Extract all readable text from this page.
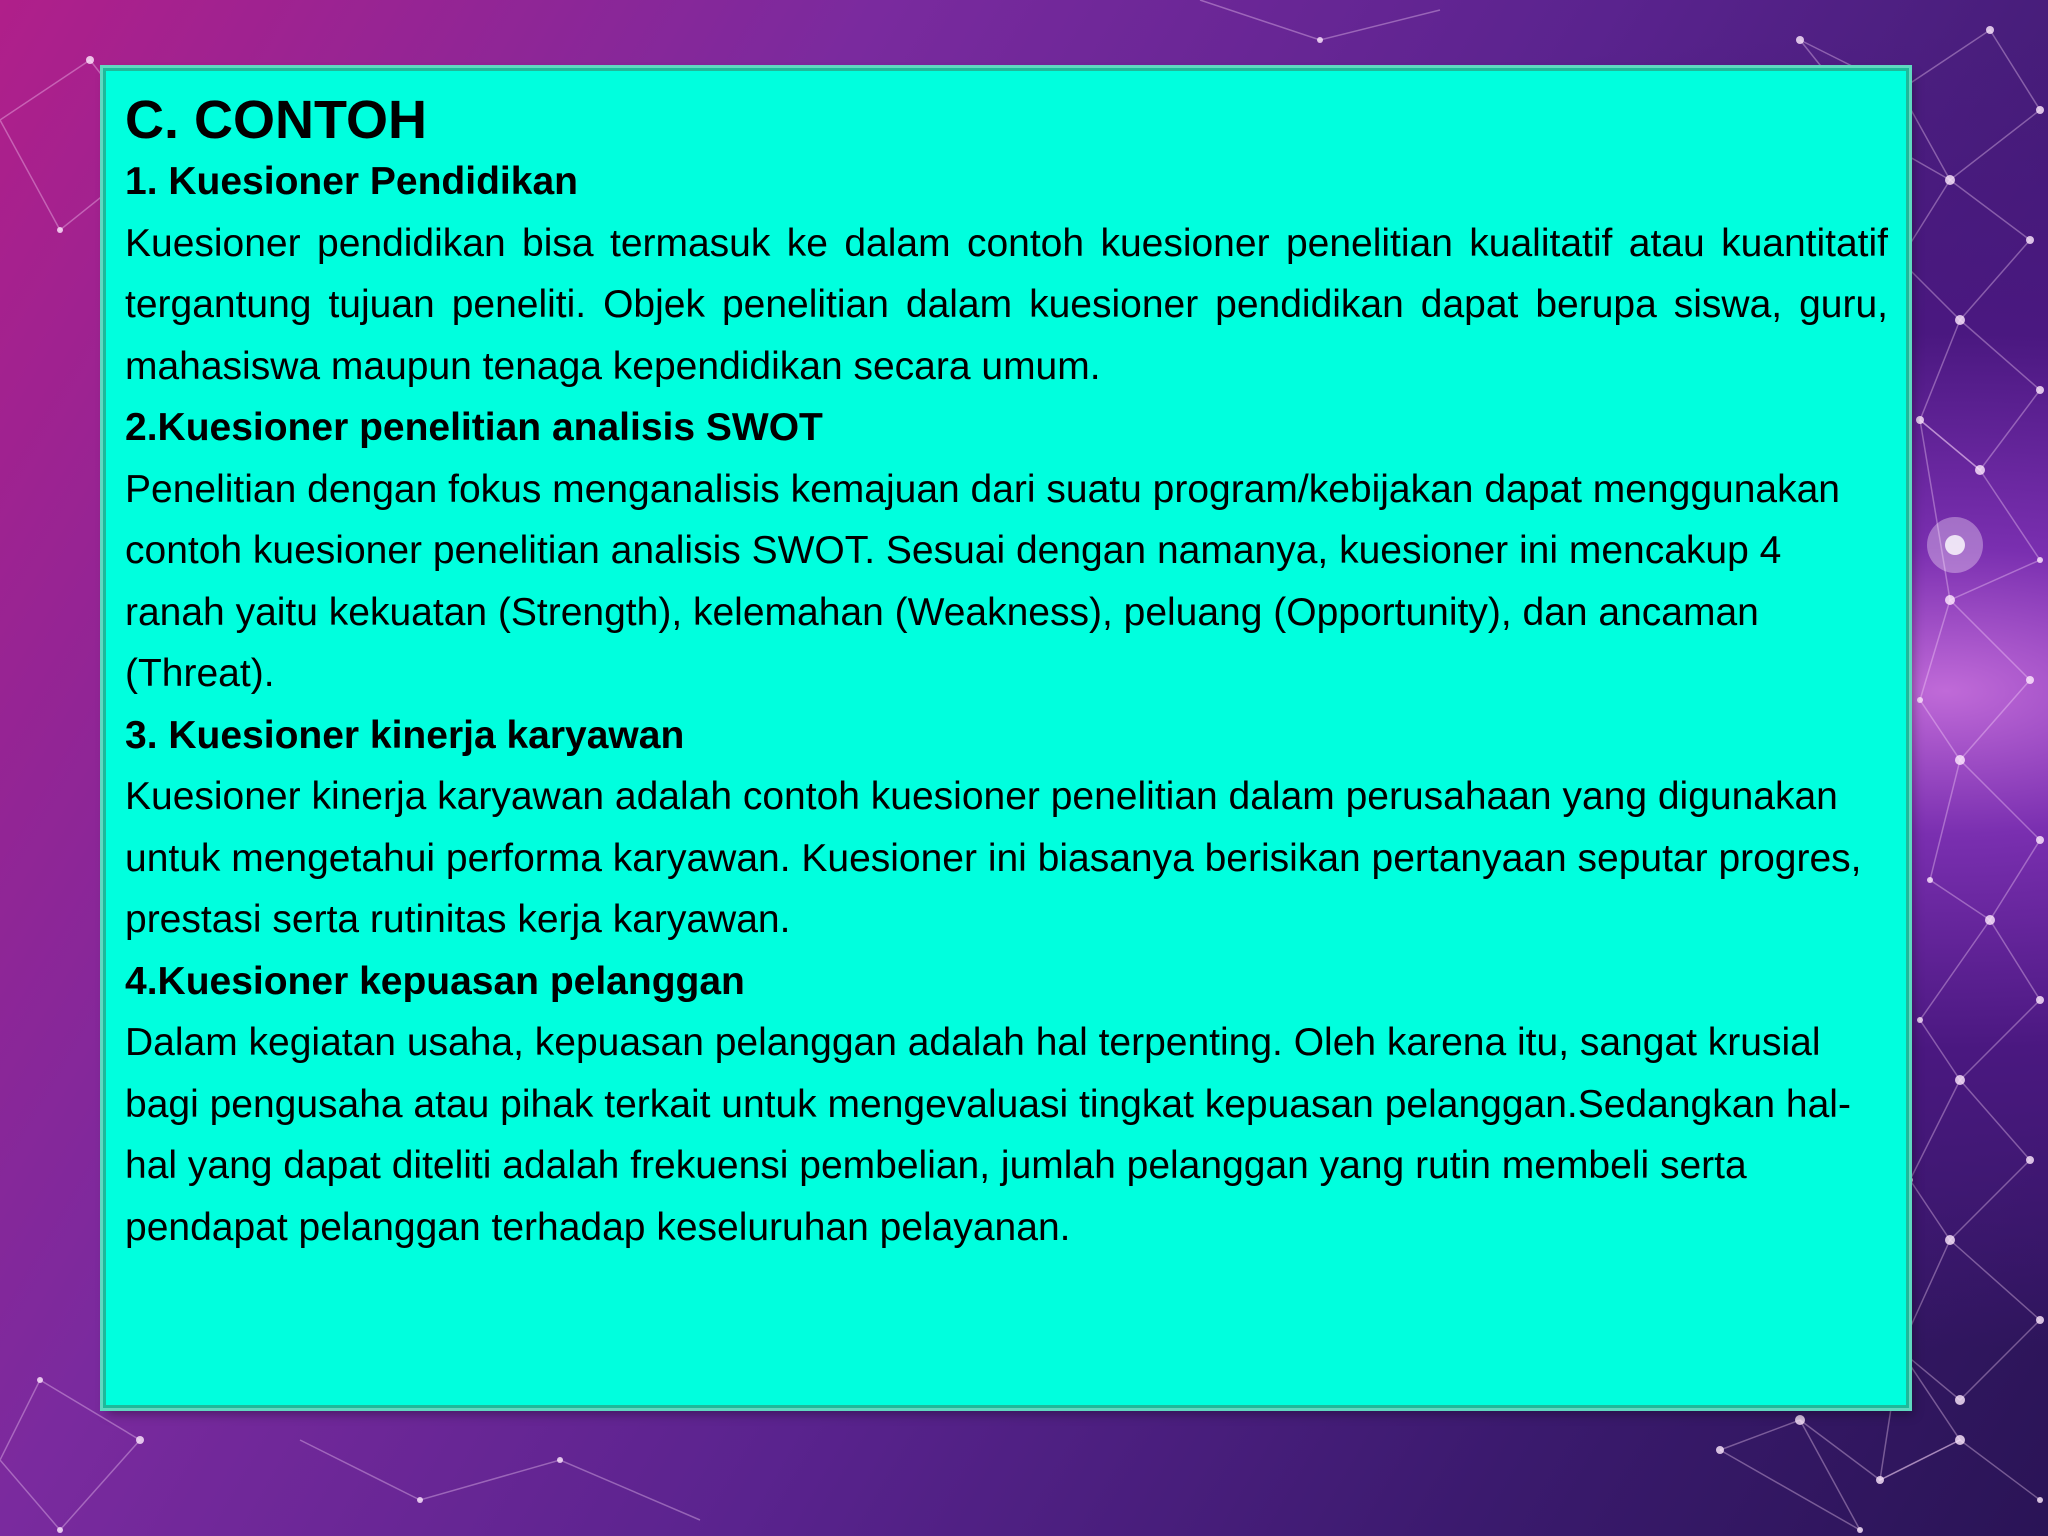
C. CONTOH

1. Kuesioner Pendidikan

Kuesioner pendidikan bisa termasuk ke dalam contoh kuesioner penelitian kualitatif atau kuantitatif tergantung tujuan peneliti. Objek penelitian dalam kuesioner pendidikan dapat berupa siswa, guru, mahasiswa maupun tenaga kependidikan secara umum.

2.Kuesioner penelitian analisis SWOT

Penelitian dengan fokus menganalisis kemajuan dari suatu program/kebijakan dapat menggunakan contoh kuesioner penelitian analisis SWOT. Sesuai dengan namanya, kuesioner ini mencakup 4 ranah yaitu kekuatan (Strength), kelemahan (Weakness), peluang (Opportunity), dan ancaman (Threat).

3. Kuesioner kinerja karyawan

Kuesioner kinerja karyawan adalah contoh kuesioner penelitian dalam perusahaan yang digunakan untuk mengetahui performa karyawan. Kuesioner ini biasanya berisikan pertanyaan seputar progres, prestasi serta rutinitas kerja karyawan.

4.Kuesioner kepuasan pelanggan

Dalam kegiatan usaha, kepuasan pelanggan adalah hal terpenting. Oleh karena itu, sangat krusial bagi pengusaha atau pihak terkait untuk mengevaluasi tingkat kepuasan pelanggan.Sedangkan hal-hal yang dapat diteliti adalah frekuensi pembelian, jumlah pelanggan yang rutin membeli serta pendapat pelanggan terhadap keseluruhan pelayanan.
